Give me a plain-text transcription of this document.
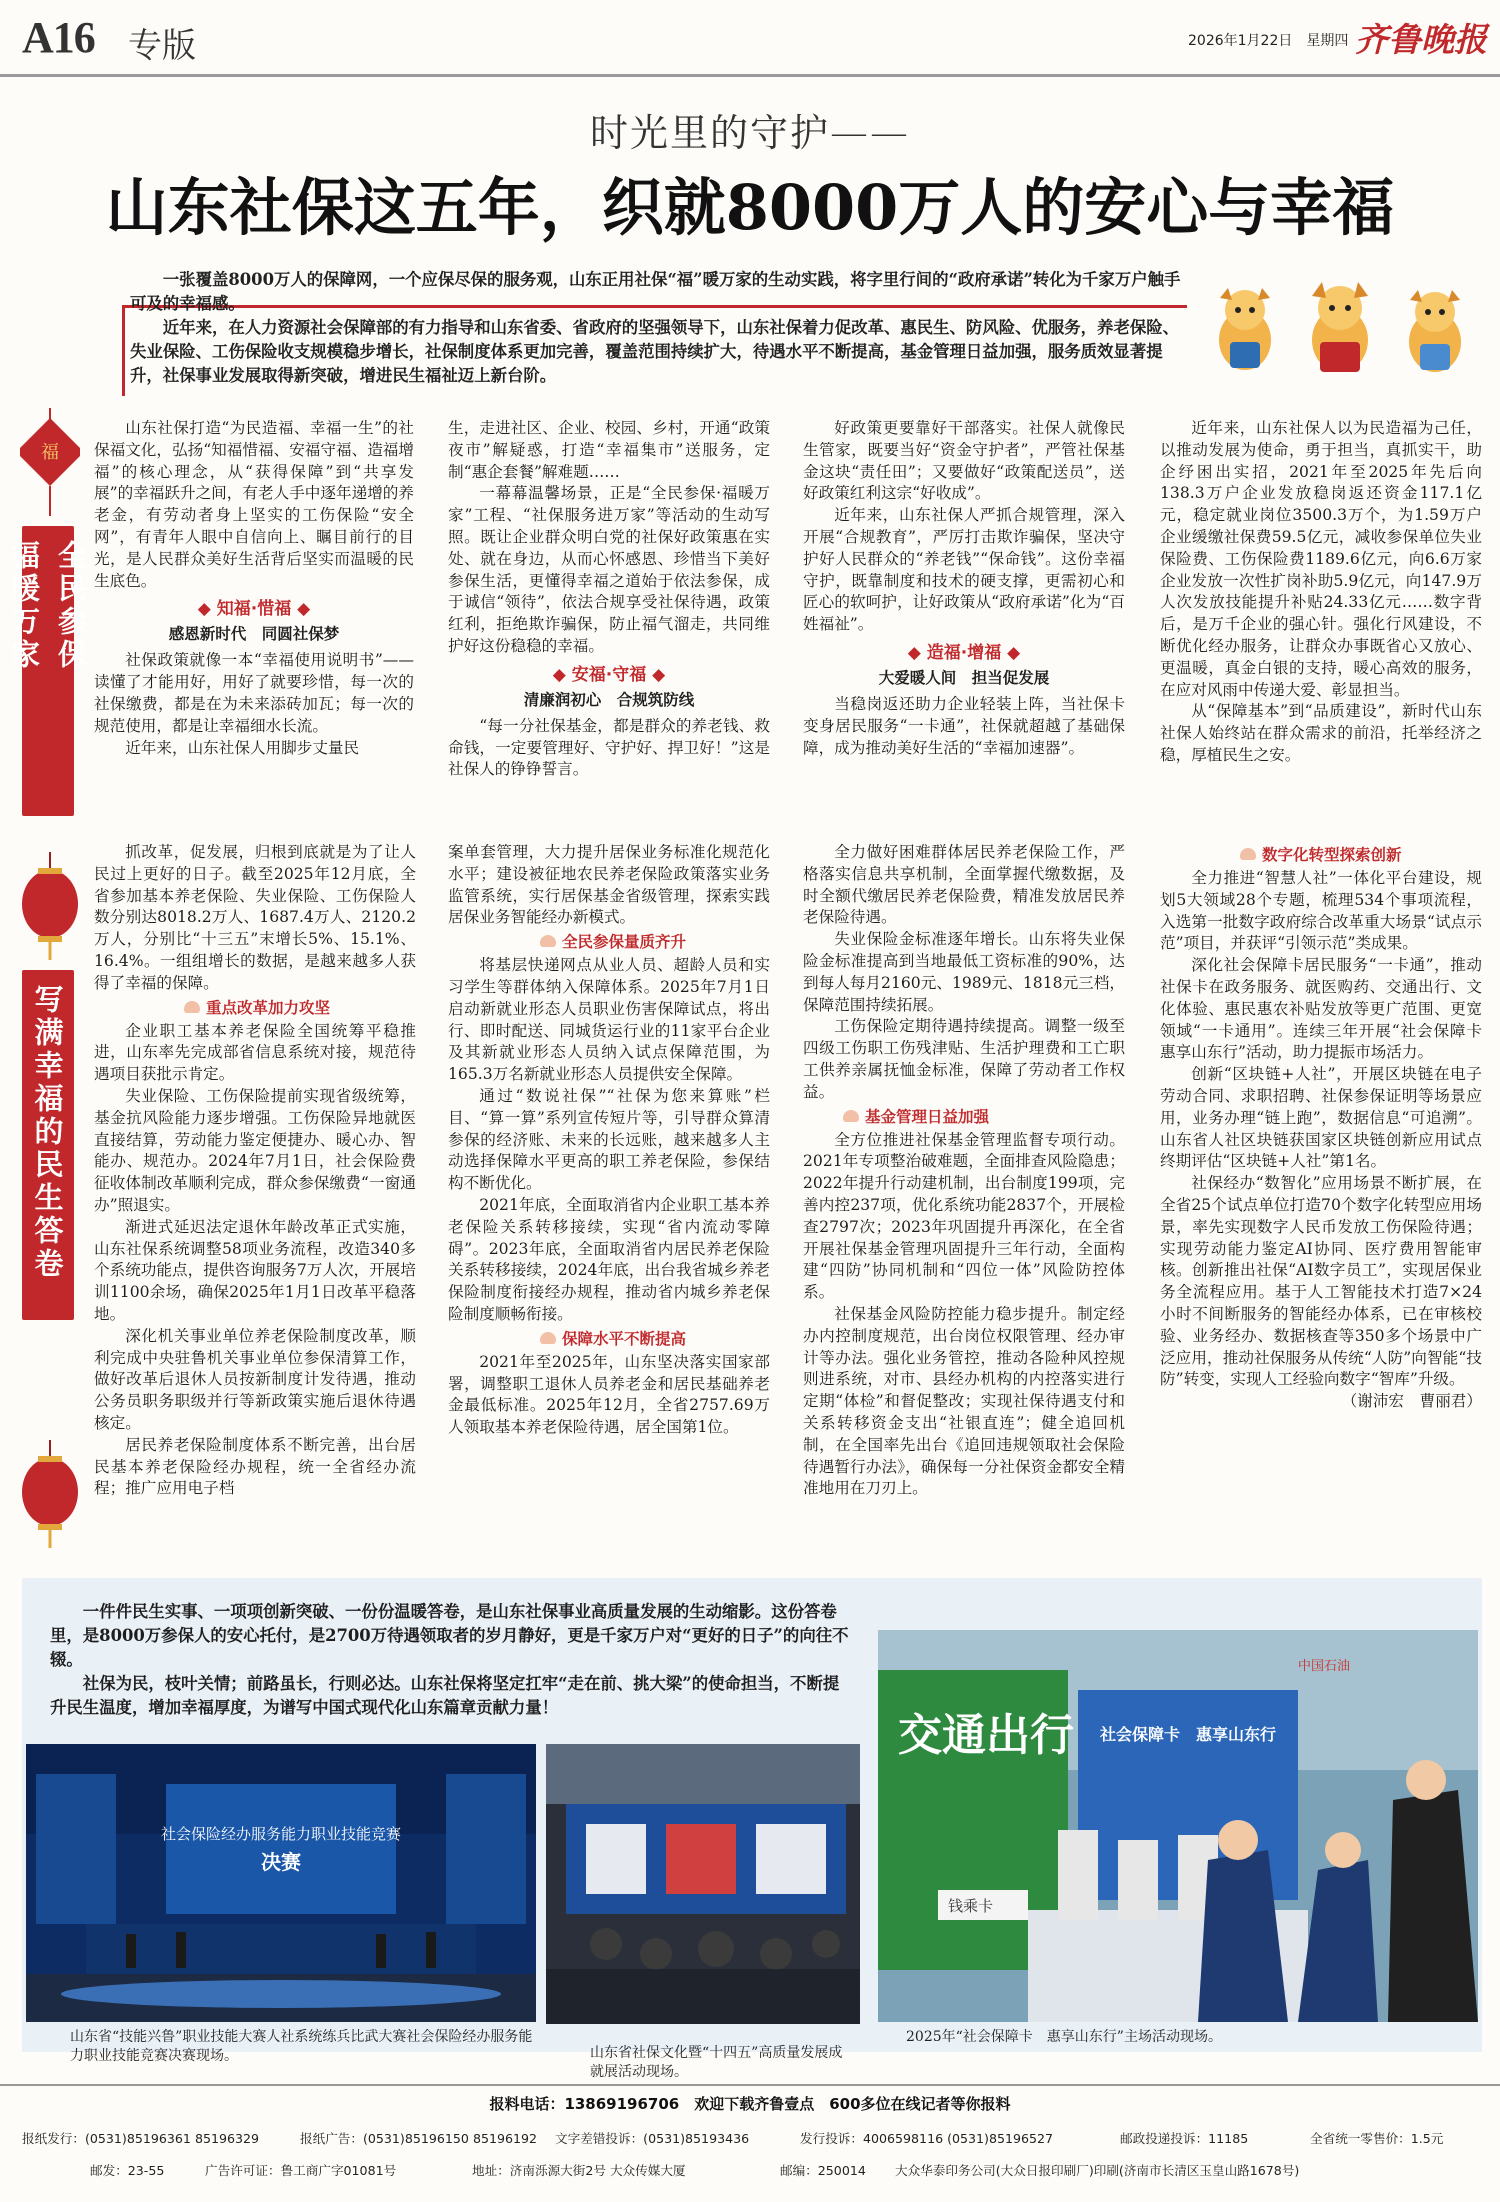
A16 专版	2026年1月22日　星期四 齐鲁晚报
时光里的守护——
山东社保这五年，织就8000万人的安心与幸福

一张覆盖8000万人的保障网，一个应保尽保的服务观，山东正用社保“福”暖万家的生动实践，将字里行间的“政府承诺”转化为千家万户触手可及的幸福感。

近年来，在人力资源社会保障部的有力指导和山东省委、省政府的坚强领导下，山东社保着力促改革、惠民生、防风险、优服务，养老保险、失业保险、工伤保险收支规模稳步增长，社保制度体系更加完善，覆盖范围持续扩大，待遇水平不断提高，基金管理日益加强，服务质效显著提升，社保事业发展取得新突破，增进民生福祉迈上新台阶。

福
全民参保
福暖万家

山东社保打造“为民造福、幸福一生”的社保福文化，弘扬“知福惜福、安福守福、造福增福”的核心理念，从“获得保障”到“共享发展”的幸福跃升之间，有老人手中逐年递增的养老金，有劳动者身上坚实的工伤保险“安全网”，有青年人眼中自信向上、瞩目前行的目光，是人民群众美好生活背后坚实而温暖的民生底色。

◆ 知福·惜福 ◆
感恩新时代　同圆社保梦

社保政策就像一本“幸福使用说明书”——读懂了才能用好，用好了就要珍惜，每一次的社保缴费，都是在为未来添砖加瓦；每一次的规范使用，都是让幸福细水长流。

近年来，山东社保人用脚步丈量民

生，走进社区、企业、校园、乡村，开通“政策夜市”解疑惑，打造“幸福集市”送服务，定制“惠企套餐”解难题……

一幕幕温馨场景，正是“全民参保·福暖万家”工程、“社保服务进万家”等活动的生动写照。既让企业群众明白党的社保好政策惠在实处、就在身边，从而心怀感恩、珍惜当下美好参保生活，更懂得幸福之道始于依法参保，成于诚信“领待”，依法合规享受社保待遇，政策红利，拒绝欺诈骗保，防止福气溜走，共同维护好这份稳稳的幸福。

◆ 安福·守福 ◆
清廉润初心　合规筑防线

“每一分社保基金，都是群众的养老钱、救命钱，一定要管理好、守护好、捍卫好！”这是社保人的铮铮誓言。

好政策更要靠好干部落实。社保人就像民生管家，既要当好“资金守护者”，严管社保基金这块“责任田”；又要做好“政策配送员”，送好政策红利这宗“好收成”。

近年来，山东社保人严抓合规管理，深入开展“合规教育”，严厉打击欺诈骗保，坚决守护好人民群众的“养老钱”“保命钱”。这份幸福守护，既靠制度和技术的硬支撑，更需初心和匠心的软呵护，让好政策从“政府承诺”化为“百姓福祉”。

◆ 造福·增福 ◆
大爱暖人间　担当促发展

当稳岗返还助力企业轻装上阵，当社保卡变身居民服务“一卡通”，社保就超越了基础保障，成为推动美好生活的“幸福加速器”。

近年来，山东社保人以为民造福为己任，以推动发展为使命，勇于担当，真抓实干，助企纾困出实招，2021年至2025年先后向138.3万户企业发放稳岗返还资金117.1亿元，稳定就业岗位3500.3万个，为1.59万户企业缓缴社保费59.5亿元，减收参保单位失业保险费、工伤保险费1189.6亿元，向6.6万家企业发放一次性扩岗补助5.9亿元，向147.9万人次发放技能提升补贴24.33亿元……数字背后，是万千企业的强心针。强化行风建设，不断优化经办服务，让群众办事既省心又放心、更温暖，真金白银的支持，暖心高效的服务，在应对风雨中传递大爱、彰显担当。

从“保障基本”到“品质建设”，新时代山东社保人始终站在群众需求的前沿，托举经济之稳，厚植民生之安。

写满幸福的民生答卷

抓改革，促发展，归根到底就是为了让人民过上更好的日子。截至2025年12月底，全省参加基本养老保险、失业保险、工伤保险人数分别达8018.2万人、1687.4万人、2120.2万人，分别比“十三五”末增长5%、15.1%、16.4%。一组组增长的数据，是越来越多人获得了幸福的保障。

重点改革加力攻坚

企业职工基本养老保险全国统筹平稳推进，山东率先完成部省信息系统对接，规范待遇项目获批示肯定。

失业保险、工伤保险提前实现省级统筹，基金抗风险能力逐步增强。工伤保险异地就医直接结算，劳动能力鉴定便捷办、暖心办、智能办、规范办。2024年7月1日，社会保险费征收体制改革顺利完成，群众参保缴费“一窗通办”照退实。

渐进式延迟法定退休年龄改革正式实施，山东社保系统调整58项业务流程，改造340多个系统功能点，提供咨询服务7万人次，开展培训1100余场，确保2025年1月1日改革平稳落地。

深化机关事业单位养老保险制度改革，顺利完成中央驻鲁机关事业单位参保清算工作，做好改革后退休人员按新制度计发待遇，推动公务员职务职级并行等新政策实施后退休待遇核定。

居民养老保险制度体系不断完善，出台居民基本养老保险经办规程，统一全省经办流程；推广应用电子档

案单套管理，大力提升居保业务标准化规范化水平；建设被征地农民养老保险政策落实业务监管系统，实行居保基金省级管理，探索实践居保业务智能经办新模式。

全民参保量质齐升

将基层快递网点从业人员、超龄人员和实习学生等群体纳入保障体系。2025年7月1日启动新就业形态人员职业伤害保障试点，将出行、即时配送、同城货运行业的11家平台企业及其新就业形态人员纳入试点保障范围，为165.3万名新就业形态人员提供安全保障。

通过“数说社保”“社保为您来算账”栏目、“算一算”系列宣传短片等，引导群众算清参保的经济账、未来的长远账，越来越多人主动选择保障水平更高的职工养老保险，参保结构不断优化。

2021年底，全面取消省内企业职工基本养老保险关系转移接续，实现“省内流动零障碍”。2023年底，全面取消省内居民养老保险关系转移接续，2024年底，出台我省城乡养老保险制度衔接经办规程，推动省内城乡养老保险制度顺畅衔接。

保障水平不断提高

2021年至2025年，山东坚决落实国家部署，调整职工退休人员养老金和居民基础养老金最低标准。2025年12月，全省2757.69万人领取基本养老保险待遇，居全国第1位。

全力做好困难群体居民养老保险工作，严格落实信息共享机制，全面掌握代缴数据，及时全额代缴居民养老保险费，精准发放居民养老保险待遇。

失业保险金标准逐年增长。山东将失业保险金标准提高到当地最低工资标准的90%，达到每人每月2160元、1989元、1818元三档，保障范围持续拓展。

工伤保险定期待遇持续提高。调整一级至四级工伤职工伤残津贴、生活护理费和工亡职工供养亲属抚恤金标准，保障了劳动者工作权益。

基金管理日益加强

全方位推进社保基金管理监督专项行动。2021年专项整治破难题，全面排查风险隐患；2022年提升行动建机制，出台制度199项，完善内控237项，优化系统功能2837个，开展检查2797次；2023年巩固提升再深化，在全省开展社保基金管理巩固提升三年行动，全面构建“四防”协同机制和“四位一体”风险防控体系。

社保基金风险防控能力稳步提升。制定经办内控制度规范，出台岗位权限管理、经办审计等办法。强化业务管控，推动各险种风控规则进系统，对市、县经办机构的内控落实进行定期“体检”和督促整改；实现社保待遇支付和关系转移资金支出“社银直连”；健全追回机制，在全国率先出台《追回违规领取社会保险待遇暂行办法》，确保每一分社保资金都安全精准地用在刀刃上。

数字化转型探索创新

全力推进“智慧人社”一体化平台建设，规划5大领域28个专题，梳理534个事项流程，入选第一批数字政府综合改革重大场景“试点示范”项目，并获评“引领示范”类成果。

深化社会保障卡居民服务“一卡通”，推动社保卡在政务服务、就医购药、交通出行、文化体验、惠民惠农补贴发放等更广范围、更宽领域“一卡通用”。连续三年开展“社会保障卡　惠享山东行”活动，助力提振市场活力。

创新“区块链+人社”，开展区块链在电子劳动合同、求职招聘、社保参保证明等场景应用，业务办理“链上跑”，数据信息“可追溯”。山东省人社区块链获国家区块链创新应用试点终期评估“区块链+人社”第1名。

社保经办“数智化”应用场景不断扩展，在全省25个试点单位打造70个数字化转型应用场景，率先实现数字人民币发放工伤保险待遇；实现劳动能力鉴定AI协同、医疗费用智能审核。创新推出社保“AI数字员工”，实现居保业务全流程应用。基于人工智能技术打造7×24小时不间断服务的智能经办体系，已在审核校验、业务经办、数据核查等350多个场景中广泛应用，推动社保服务从传统“人防”向智能“技防”转变，实现人工经验向数字“智库”升级。

（谢沛宏　曹丽君）

一件件民生实事、一项项创新突破、一份份温暖答卷，是山东社保事业高质量发展的生动缩影。这份答卷里，是8000万参保人的安心托付，是2700万待遇领取者的岁月静好，更是千家万户对“更好的日子”的向往不辍。

社保为民，枝叶关情；前路虽长，行则必达。山东社保将坚定扛牢“走在前、挑大梁”的使命担当，不断提升民生温度，增加幸福厚度，为谱写中国式现代化山东篇章贡献力量！

社会保险经办服务能力职业技能竞赛
决赛
山东省“技能兴鲁”职业技能大赛人社系统练兵比武大赛社会保险经办服务能力职业技能竞赛决赛现场。	山东省社保文化暨“十四五”高质量发展成就展活动现场。
交通出行 社会保障卡　惠享山东行
中国石油
钱乘卡
2025年“社会保障卡　惠享山东行”主场活动现场。
报料电话：13869196706　欢迎下载齐鲁壹点　600多位在线记者等你报料
报纸发行：(0531)85196361 85196329	报纸广告：(0531)85196150 85196192 文字差错投诉：(0531)85193436	发行投诉：4006598116 (0531)85196527	邮政投递投诉：11185	全省统一零售价：1.5元
邮发：23-55	广告许可证：鲁工商广字01081号	地址：济南泺源大街2号 大众传媒大厦	邮编：250014 大众华泰印务公司(大众日报印刷厂)印刷(济南市长清区玉皇山路1678号)
